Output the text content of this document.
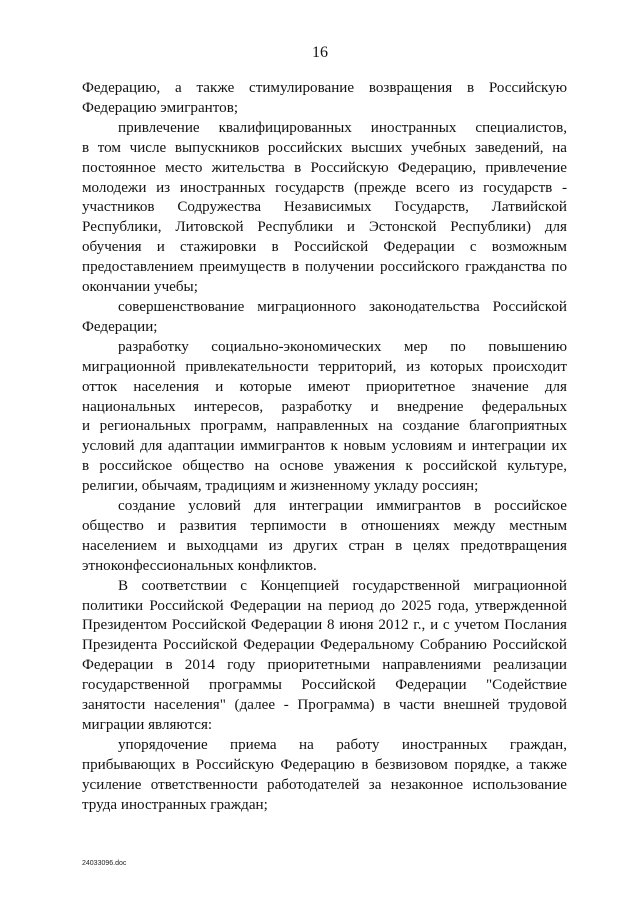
16

Федерацию, а также стимулирование возвращения в Российскую

Федерацию эмигрантов;

привлечение квалифицированных иностранных специалистов,

в том числе выпускников российских высших учебных заведений, на

постоянное место жительства в Российскую Федерацию, привлечение

молодежи из иностранных государств (прежде всего из государств -

участников Содружества Независимых Государств, Латвийской

Республики, Литовской Республики и Эстонской Республики) для

обучения и стажировки в Российской Федерации с возможным

предоставлением преимуществ в получении российского гражданства по

окончании учебы;

совершенствование миграционного законодательства Российской

Федерации;

разработку социально-экономических мер по повышению

миграционной привлекательности территорий, из которых происходит

отток населения и которые имеют приоритетное значение для

национальных интересов, разработку и внедрение федеральных

и региональных программ, направленных на создание благоприятных

условий для адаптации иммигрантов к новым условиям и интеграции их

в российское общество на основе уважения к российской культуре,

религии, обычаям, традициям и жизненному укладу россиян;

создание условий для интеграции иммигрантов в российское

общество и развития терпимости в отношениях между местным

населением и выходцами из других стран в целях предотвращения

этноконфессиональных конфликтов.

В соответствии с Концепцией государственной миграционной

политики Российской Федерации на период до 2025 года, утвержденной

Президентом Российской Федерации 8 июня 2012 г., и с учетом Послания

Президента Российской Федерации Федеральному Собранию Российской

Федерации в 2014 году приоритетными направлениями реализации

государственной программы Российской Федерации "Содействие

занятости населения" (далее - Программа) в части внешней трудовой

миграции являются:

упорядочение приема на работу иностранных граждан,

прибывающих в Российскую Федерацию в безвизовом порядке, а также

усиление ответственности работодателей за незаконное использование

труда иностранных граждан;

24033096.doc
